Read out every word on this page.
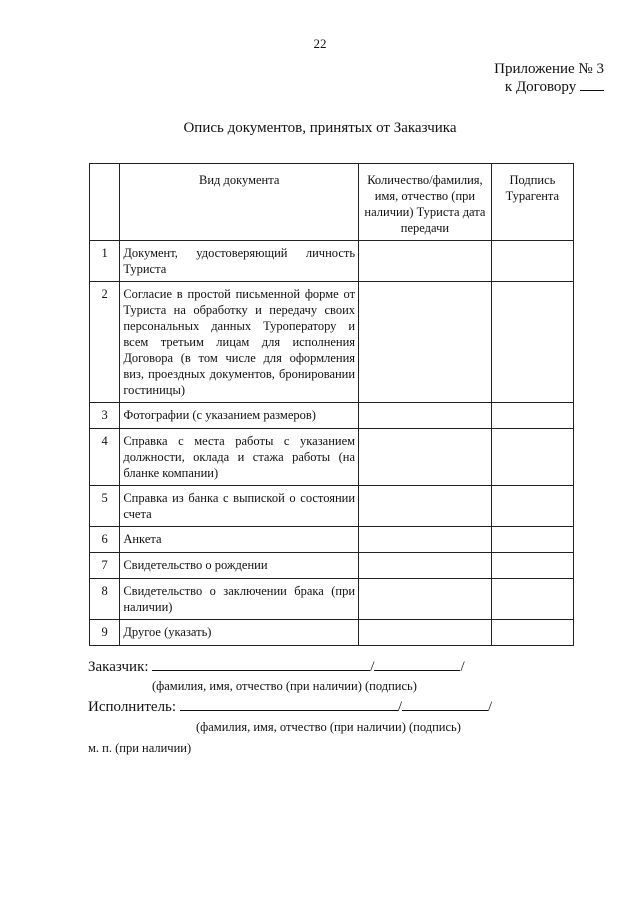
22
Приложение № 3
к Договору
Опись документов, принятых от Заказчика
	Вид документа	Количество/фамилия, имя, отчество (при наличии) Туриста дата передачи	Подпись Турагента
1	Документ, удостоверяющий личность Туриста		
2	Согласие в простой письменной форме от Туриста на обработку и передачу своих персональных данных Туроператору и всем третьим лицам для исполнения Договора (в том числе для оформления виз, проездных документов, бронировании гостиницы)		
3	Фотографии (с указанием размеров)		
4	Справка с места работы с указанием должности, оклада и стажа работы (на бланке компании)		
5	Справка из банка с выпиской о состоянии счета		
6	Анкета		
7	Свидетельство о рождении		
8	Свидетельство о заключении брака (при наличии)		
9	Другое (указать)		
Заказчик:	/	/
(фамилия, имя, отчество (при наличии) (подпись)
Исполнитель:	/	/
(фамилия, имя, отчество (при наличии) (подпись)
м. п. (при наличии)
